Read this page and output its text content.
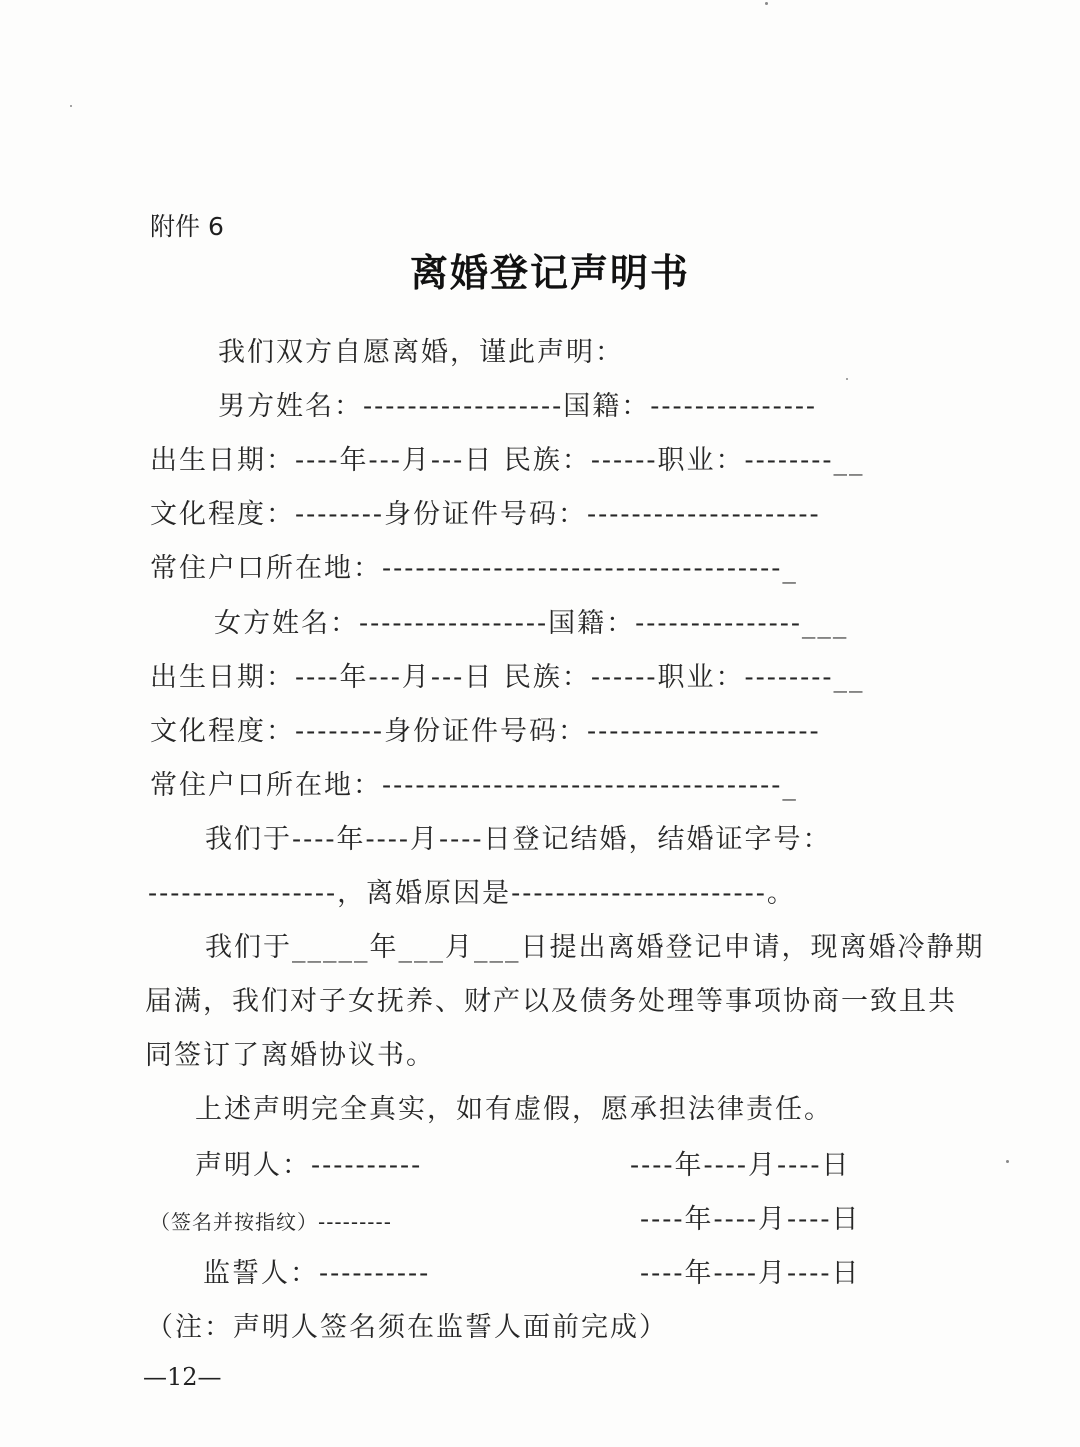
附件 6
离婚登记声明书
我们双方自愿离婚，谨此声明：
男方姓名：------------------国籍：---------------
出生日期：----年---月---日 民族：------职业：--------__
文化程度：--------身份证件号码：---------------------
常住户口所在地：------------------------------------_
女方姓名：-----------------国籍：---------------___
出生日期：----年---月---日 民族：------职业：--------__
文化程度：--------身份证件号码：---------------------
常住户口所在地：------------------------------------_
我们于----年----月----日登记结婚，结婚证字号：
-----------------，离婚原因是-----------------------。
我们于_____年___月___日提出离婚登记申请，现离婚冷静期
届满，我们对子女抚养、财产以及债务处理等事项协商一致且共
同签订了离婚协议书。
上述声明完全真实，如有虚假，愿承担法律责任。
声明人：----------	----年----月----日
（签名并按指纹）---------	----年----月----日
监誓人：----------	----年----月----日
（注：声明人签名须在监誓人面前完成）
—12—
